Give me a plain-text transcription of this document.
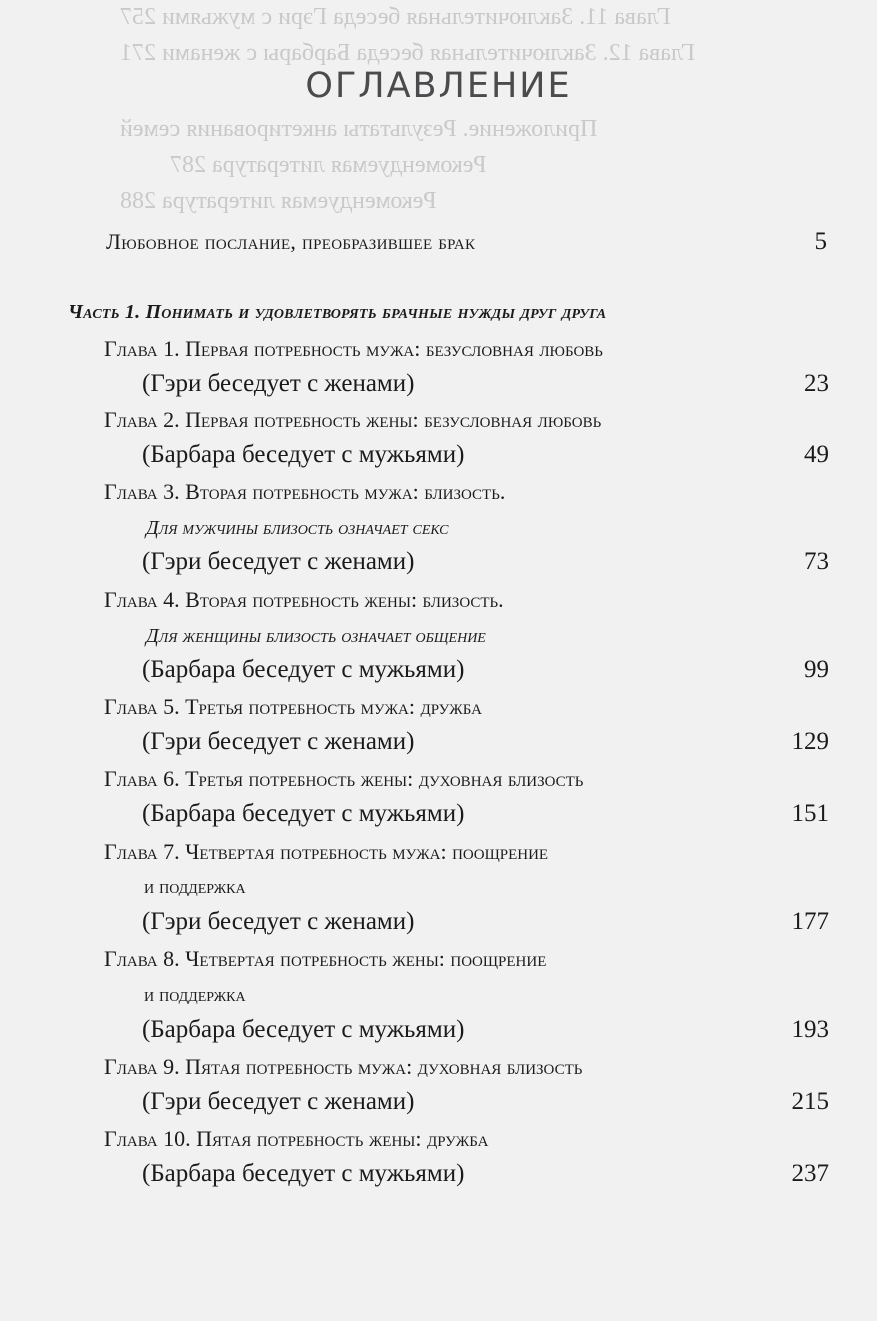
Глава 11. Заключительная беседа Гэри с мужьями 257
Глава 12. Заключительная беседа Барбары с женами 271
Приложение. Результаты анкетирования семей
Рекомендуемая литература 287
Рекомендуемая литература 288
ОГЛАВЛЕНИЕ
Любовное послание, преобразившее брак	5
Часть 1. Понимать и удовлетворять брачные нужды друг друга
Глава 1. Первая потребность мужа: безусловная любовь
(Гэри беседует с женами)	23
Глава 2. Первая потребность жены: безусловная любовь
(Барбара беседует с мужьями)	49
Глава 3. Вторая потребность мужа: близость.
Для мужчины близость означает секс
(Гэри беседует с женами)	73
Глава 4. Вторая потребность жены: близость.
Для женщины близость означает общение
(Барбара беседует с мужьями)	99
Глава 5. Третья потребность мужа: дружба
(Гэри беседует с женами)	129
Глава 6. Третья потребность жены: духовная близость
(Барбара беседует с мужьями)	151
Глава 7. Четвертая потребность мужа: поощрение
и поддержка
(Гэри беседует с женами)	177
Глава 8. Четвертая потребность жены: поощрение
и поддержка
(Барбара беседует с мужьями)	193
Глава 9. Пятая потребность мужа: духовная близость
(Гэри беседует с женами)	215
Глава 10. Пятая потребность жены: дружба
(Барбара беседует с мужьями)	237
